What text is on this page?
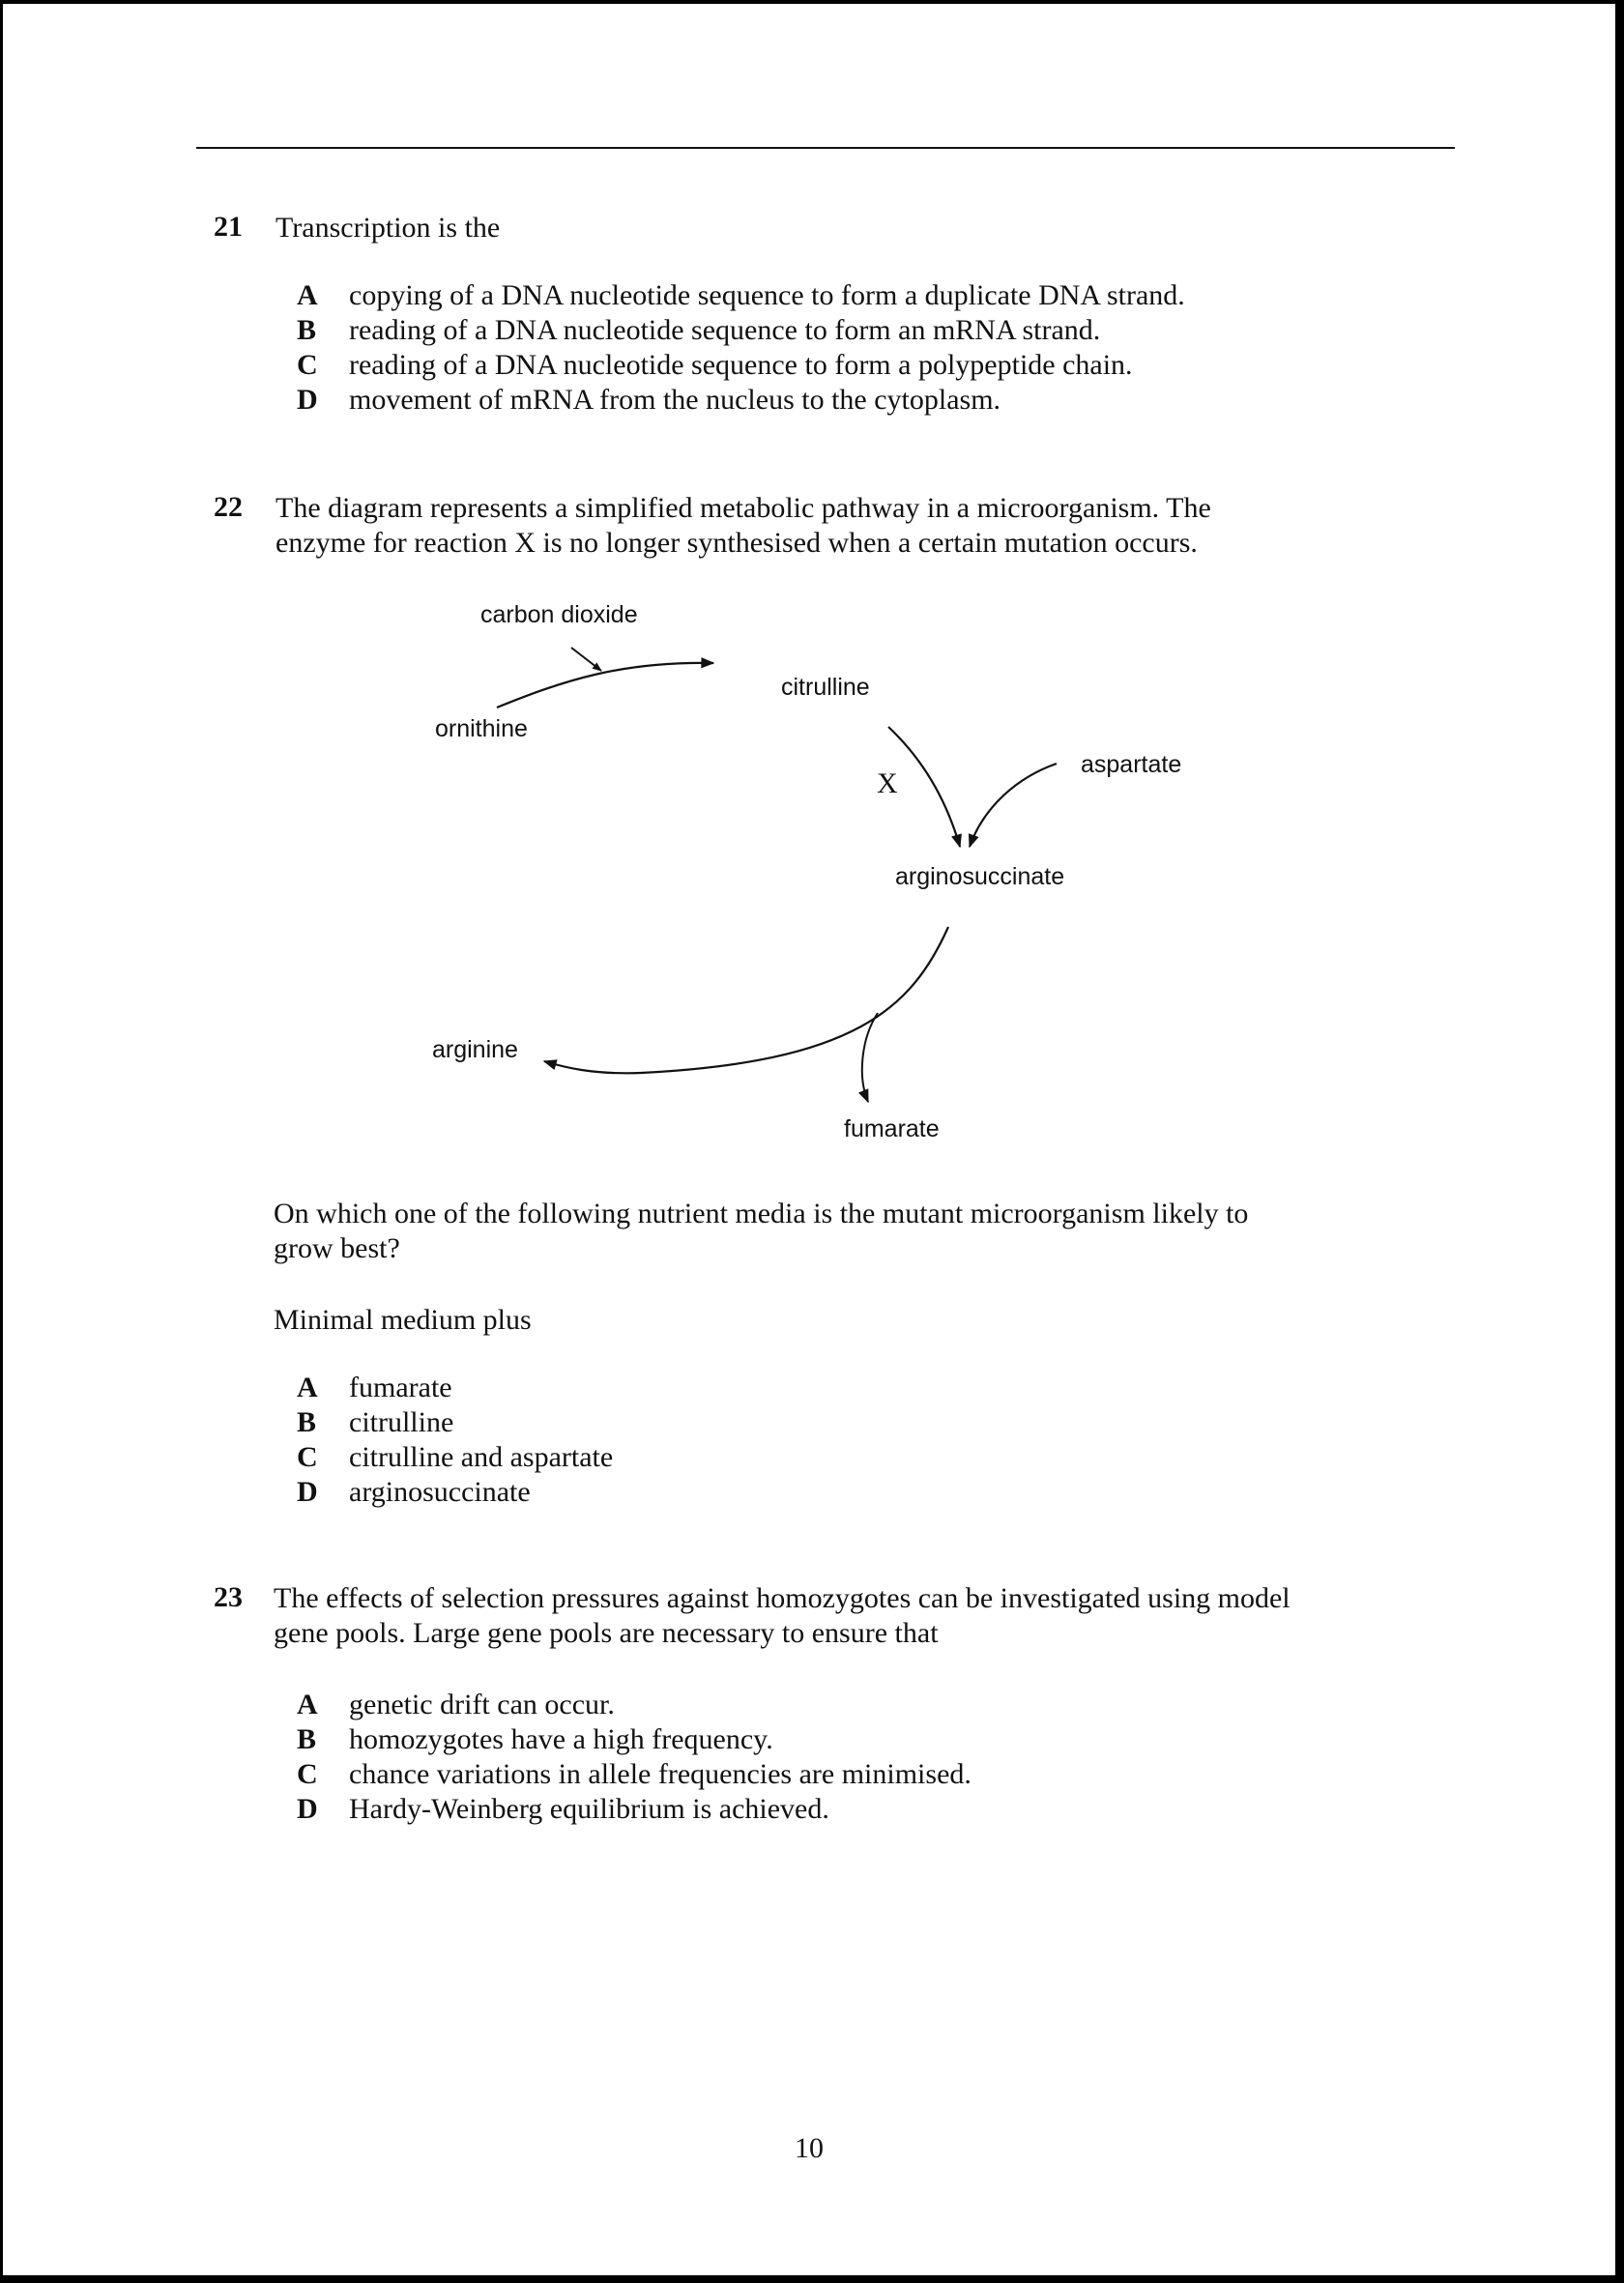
21 Transcription is the
A copying of a DNA nucleotide sequence to form a duplicate DNA strand.
B reading of a DNA nucleotide sequence to form an mRNA strand.
C reading of a DNA nucleotide sequence to form a polypeptide chain.
D movement of mRNA from the nucleus to the cytoplasm.
22 The diagram represents a simplified metabolic pathway in a microorganism. The
enzyme for reaction X is no longer synthesised when a certain mutation occurs.
carbon dioxide
ornithine
citrulline
X
aspartate
arginosuccinate
arginine
fumarate
On which one of the following nutrient media is the mutant microorganism likely to
grow best?
Minimal medium plus
A fumarate
B citrulline
C citrulline and aspartate
D arginosuccinate
23 The effects of selection pressures against homozygotes can be investigated using model
gene pools. Large gene pools are necessary to ensure that
A genetic drift can occur.
B homozygotes have a high frequency.
C chance variations in allele frequencies are minimised.
D Hardy-Weinberg equilibrium is achieved.
10
